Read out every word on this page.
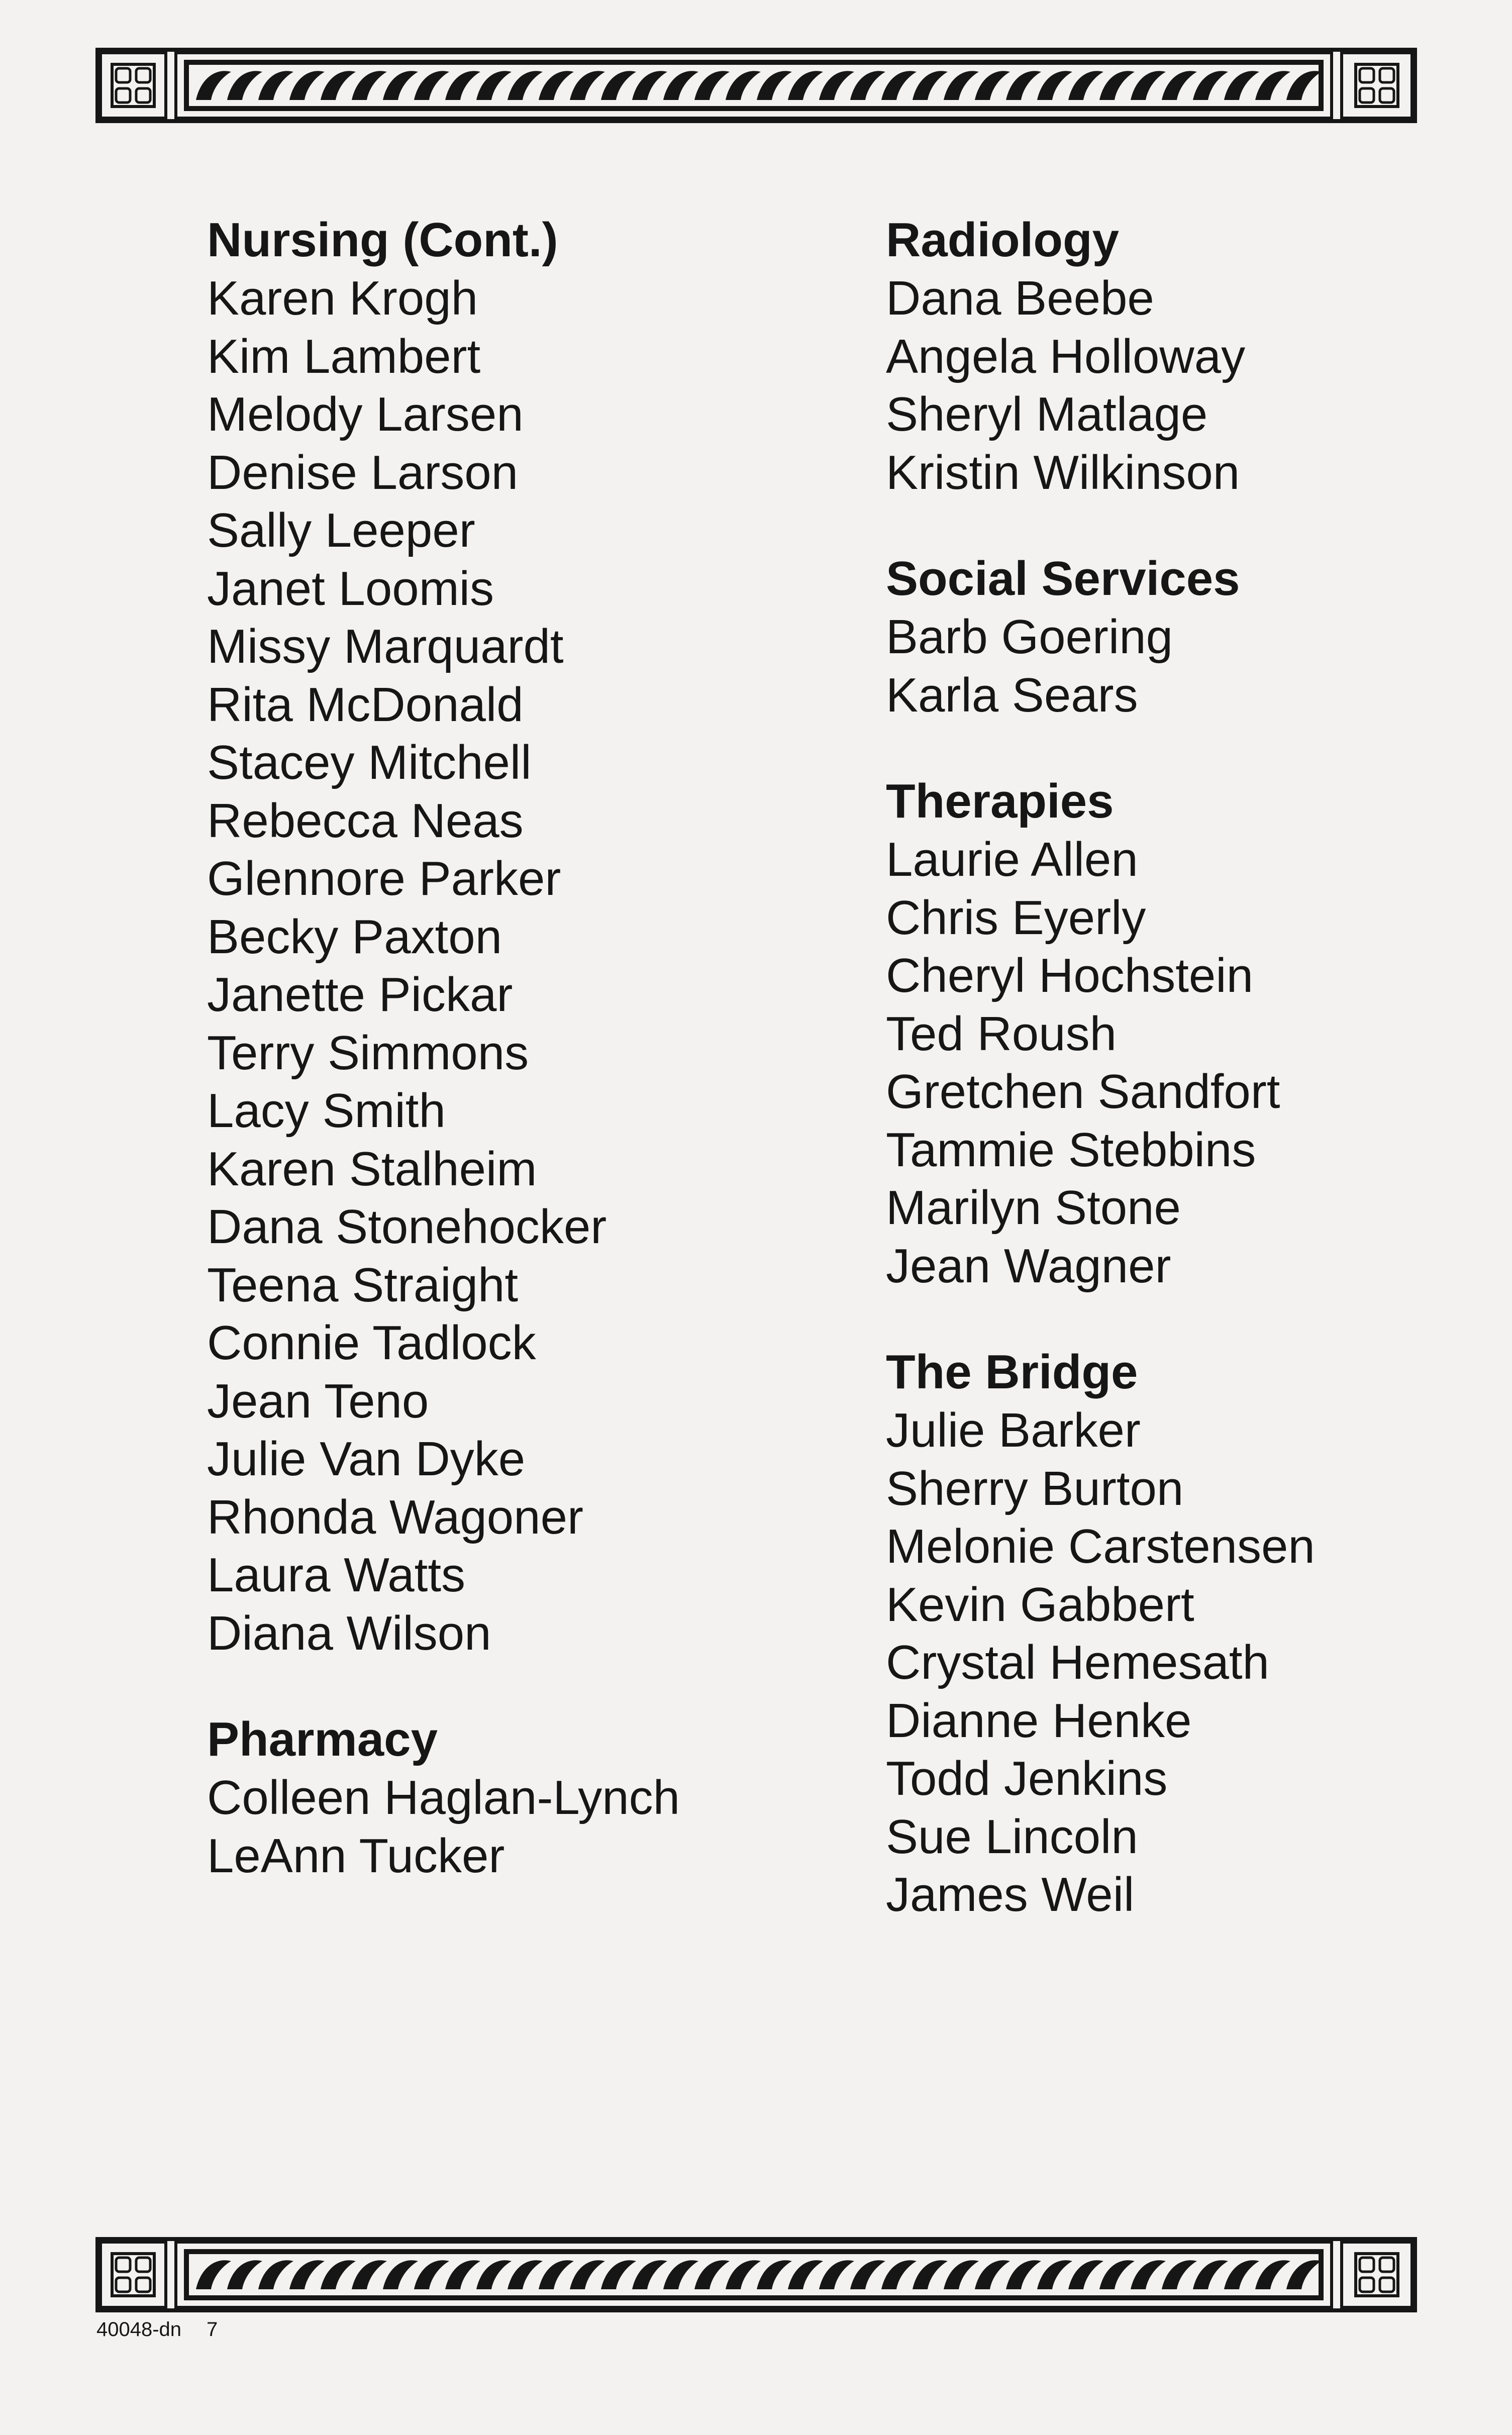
Nursing (Cont.)
Karen Krogh
Kim Lambert
Melody Larsen
Denise Larson
Sally Leeper
Janet Loomis
Missy Marquardt
Rita McDonald
Stacey Mitchell
Rebecca Neas
Glennore Parker
Becky Paxton
Janette Pickar
Terry Simmons
Lacy Smith
Karen Stalheim
Dana Stonehocker
Teena Straight
Connie Tadlock
Jean Teno
Julie Van Dyke
Rhonda Wagoner
Laura Watts
Diana Wilson
Pharmacy
Colleen Haglan-Lynch
LeAnn Tucker
Radiology
Dana Beebe
Angela Holloway
Sheryl Matlage
Kristin Wilkinson
Social Services
Barb Goering
Karla Sears
Therapies
Laurie Allen
Chris Eyerly
Cheryl Hochstein
Ted Roush
Gretchen Sandfort
Tammie Stebbins
Marilyn Stone
Jean Wagner
The Bridge
Julie Barker
Sherry Burton
Melonie Carstensen
Kevin Gabbert
Crystal Hemesath
Dianne Henke
Todd Jenkins
Sue Lincoln
James Weil
40048-dn 7
